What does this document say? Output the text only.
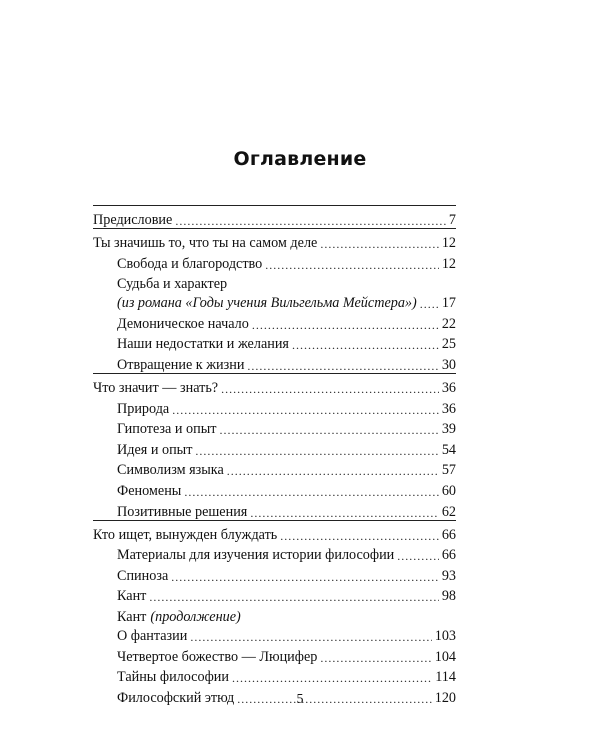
Оглавление
Предисловие .....	7
Ты значишь то, что ты на самом деле .....	12
Свобода и благородство .....	12
Судьба и характер
(из романа «Годы учения Вильгельма Мейстера») ..... 17
Демоническое начало .....	22
Наши недостатки и желания .....	25
Отвращение к жизни .....	30
Что значит — знать? .....	36
Природа .....	36
Гипотеза и опыт .....	39
Идея и опыт .....	54
Символизм языка .....	57
Феномены .....	60
Позитивные решения .....	62
Кто ищет, вынужден блуждать .....	66
Материалы для изучения истории философии .....	66
Спиноза .....	93
Кант .....	98
Кант (продолжение)
О фантазии .....	103
Четвертое божество — Люцифер .....	104
Тайны философии .....	114
Философский этюд .....	120
5
